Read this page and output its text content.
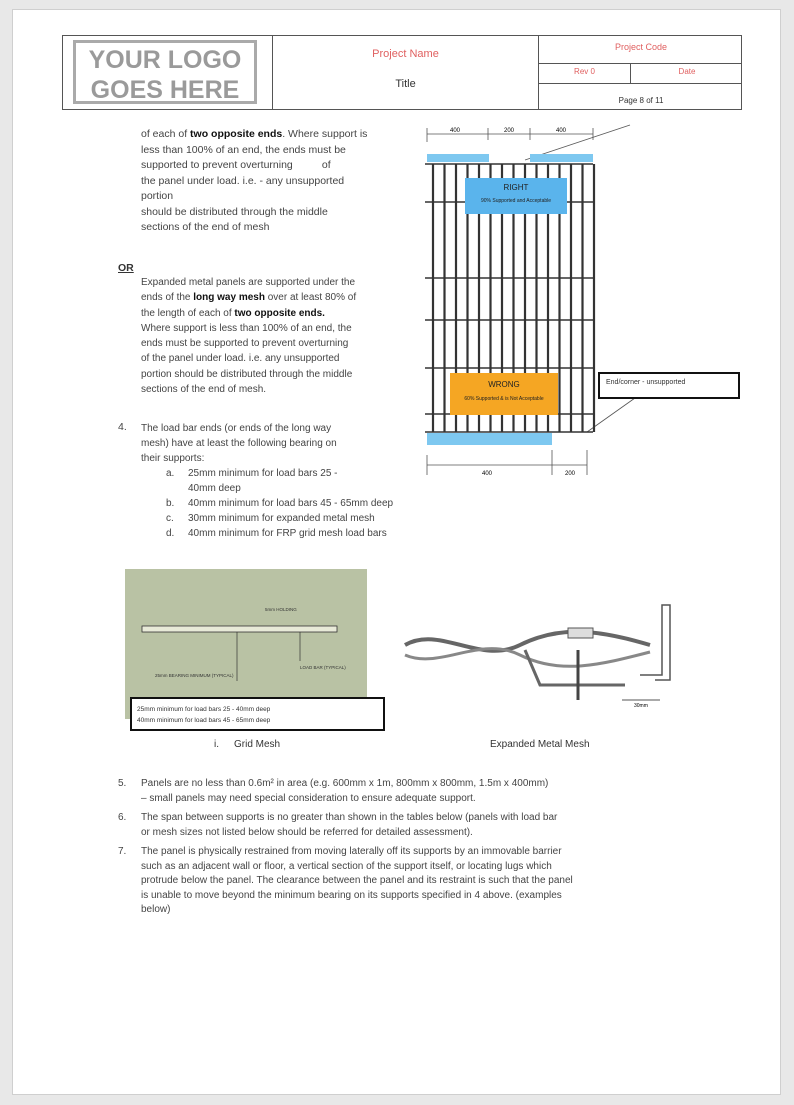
YOUR LOGO
GOES HERE
Project Name
Title
Project Code
Rev 0	Date
Page 8 of 11
of each of two opposite ends. Where support is
less than 100% of an end, the ends must be
supported to prevent overturning          of
the panel under load. i.e. - any unsupported
portion
should be distributed through the middle
sections of the end of mesh
OR
Expanded metal panels are supported under the
ends of the long way mesh over at least 80% of
the length of each of two opposite ends.
Where support is less than 100% of an end, the
ends must be supported to prevent overturning
of the panel under load. i.e. any unsupported
portion should be distributed through the middle
sections of the end of mesh.
4. The load bar ends (or ends of the long way
mesh) have at least the following bearing on
their supports:
a. 25mm minimum for load bars 25 -
40mm deep
b. 40mm minimum for load bars 45 - 65mm deep
c. 30mm minimum for expanded metal mesh
d. 40mm minimum for FRP grid mesh load bars
RIGHT
90% Supported and Acceptable
WRONG
60% Supported & is Not Acceptable
400	200	400
400	200
End/corner - unsupported
5mm HOLDING
LOAD BAR (TYPICAL)
25mm BEARING MINIMUM (TYPICAL)
25mm minimum for load bars 25 - 40mm deep
40mm minimum for load bars 45 - 65mm deep
i. Grid Mesh
30mm
Expanded Metal Mesh
5. Panels are no less than 0.6m² in area (e.g. 600mm x 1m, 800mm x 800mm, 1.5m x 400mm)
– small panels may need special consideration to ensure adequate support.
6. The span between supports is no greater than shown in the tables below (panels with load bar
or mesh sizes not listed below should be referred for detailed assessment).
7. The panel is physically restrained from moving laterally off its supports by an immovable barrier
such as an adjacent wall or floor, a vertical section of the support itself, or locating lugs which
protrude below the panel. The clearance between the panel and its restraint is such that the panel
is unable to move beyond the minimum bearing on its supports specified in 4 above. (examples
below)
